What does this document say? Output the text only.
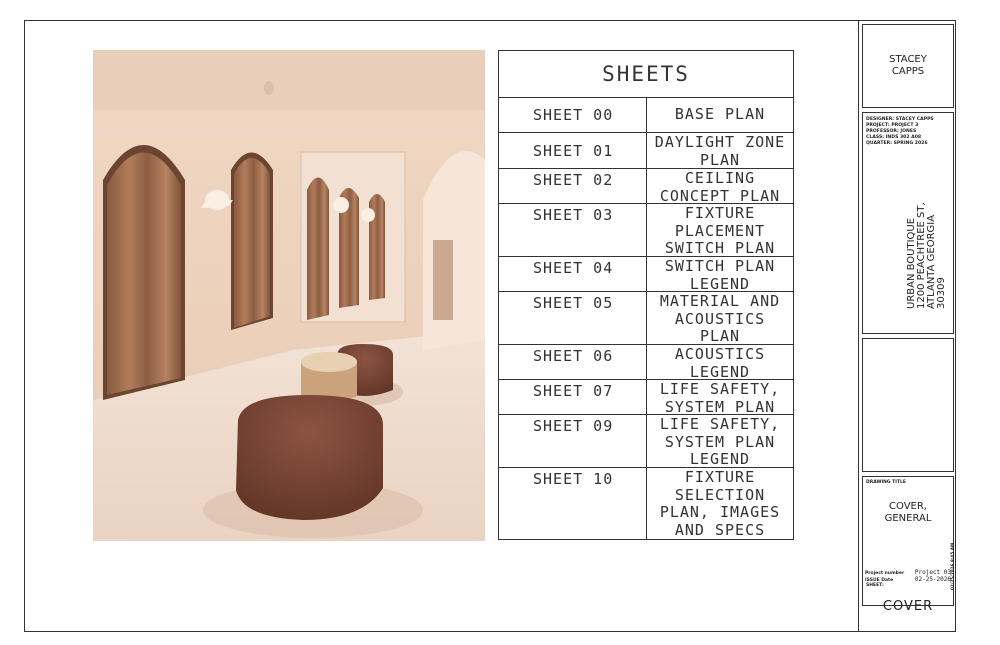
SHEETS
SHEET 00	BASE PLAN
SHEET 01	DAYLIGHT ZONE
PLAN
SHEET 02	CEILING
CONCEPT PLAN
SHEET 03	FIXTURE
PLACEMENT
SWITCH PLAN
SHEET 04	SWITCH PLAN
LEGEND
SHEET 05	MATERIAL AND
ACOUSTICS
PLAN
SHEET 06	ACOUSTICS
LEGEND
SHEET 07	LIFE SAFETY,
SYSTEM PLAN
SHEET 09	LIFE SAFETY,
SYSTEM PLAN
LEGEND
SHEET 10	FIXTURE
SELECTION
PLAN, IMAGES
AND SPECS
STACEY
CAPPS
DESIGNER: STACEY CAPPS
PROJECT: PROJECT 3
PROFESSOR: JONES
CLASS: INDS 302 A08
QUARTER: SPRING 2026
URBAN BOUTIQUE
1200 PEACHTREE ST,
ATLANTA GEORGIA
30309
DRAWING TITLE
COVER,
GENERAL
Project number Project 03
ISSUE Date	02-25-2026
SHEET:
COVER
02/25/2026 8:45 AM
